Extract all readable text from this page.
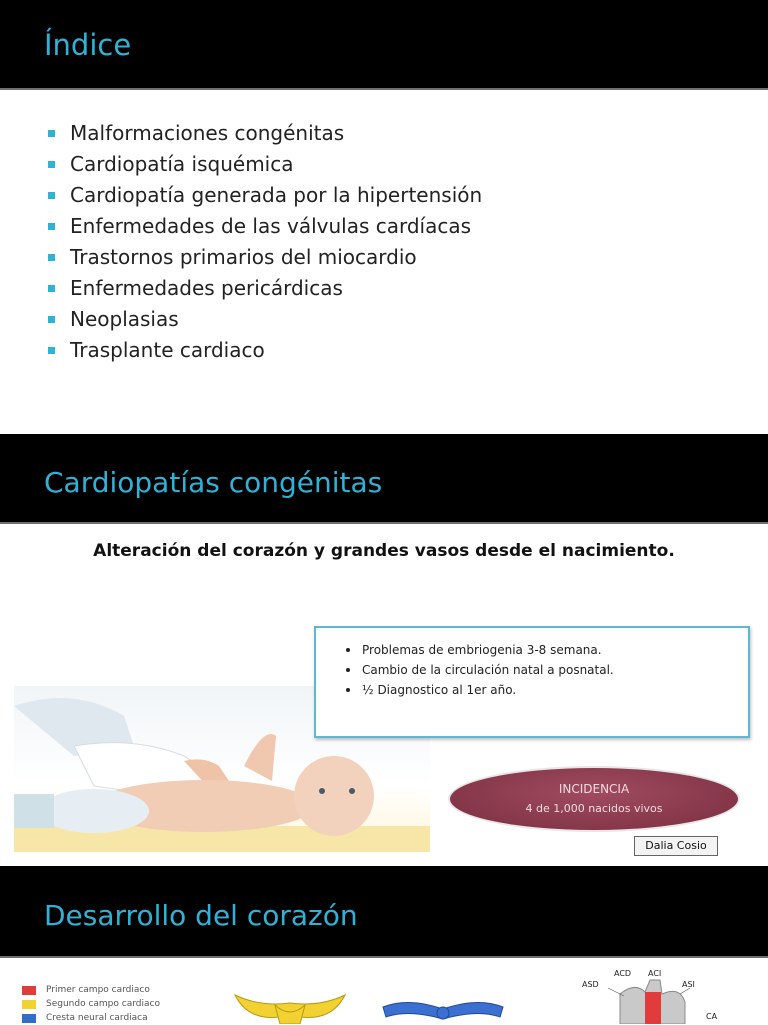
Índice
Malformaciones congénitas
Cardiopatía isquémica
Cardiopatía generada por la hipertensión
Enfermedades de las válvulas cardíacas
Trastornos primarios del miocardio
Enfermedades pericárdicas
Neoplasias
Trasplante cardiaco
Cardiopatías congénitas
Alteración del corazón y grandes vasos desde el nacimiento.
Problemas de embriogenia 3-8 semana.
Cambio de la circulación natal a posnatal.
½ Diagnostico al 1er año.
INCIDENCIA
4 de 1,000 nacidos vivos
Dalia Cosio
Desarrollo del corazón
Primer campo cardiaco
Segundo campo cardiaco
Cresta neural cardiaca
ASD
ACD ACI
ASI
CA
